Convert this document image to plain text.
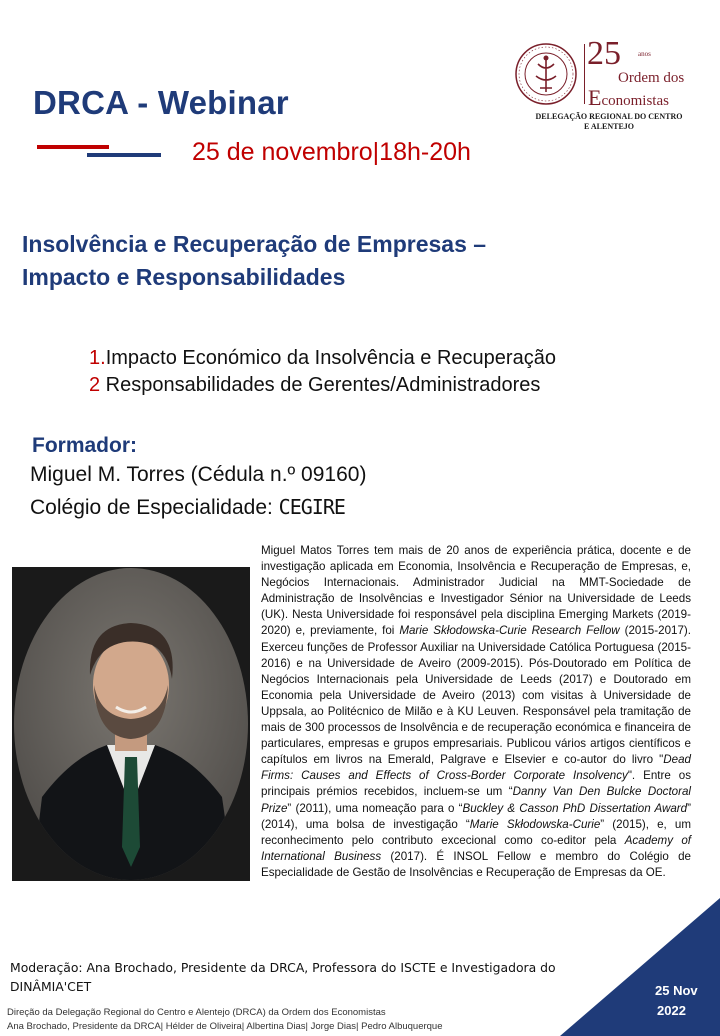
DRCA - Webinar
25 de novembro|18h-20h
25 anos
Ordem dos
Economistas
DELEGAÇÃO REGIONAL DO CENTRO
E ALENTEJO
Insolvência e Recuperação de Empresas –
Impacto e Responsabilidades
1.Impacto Económico da Insolvência e Recuperação
2 Responsabilidades de Gerentes/Administradores
Formador:
Miguel M. Torres (Cédula n.º 09160)
Colégio de Especialidade: CEGIRE
Miguel Matos Torres tem mais de 20 anos de experiência prática, docente e de investigação aplicada em Economia, Insolvência e Recuperação de Empresas, e, Negócios Internacionais. Administrador Judicial na MMT-Sociedade de Administração de Insolvências e Investigador Sénior na Universidade de Leeds (UK). Nesta Universidade foi responsável pela disciplina Emerging Markets (2019-2020) e, previamente, foi Marie Skłodowska-Curie Research Fellow (2015-2017). Exerceu funções de Professor Auxiliar na Universidade Católica Portuguesa (2015-2016) e na Universidade de Aveiro (2009-2015). Pós-Doutorado em Política de Negócios Internacionais pela Universidade de Leeds (2017) e Doutorado em Economia pela Universidade de Aveiro (2013) com visitas à Universidade de Uppsala, ao Politécnico de Milão e à KU Leuven. Responsável pela tramitação de mais de 300 processos de Insolvência e de recuperação económica e financeira de particulares, empresas e grupos empresariais. Publicou vários artigos científicos e capítulos em livros na Emerald, Palgrave e Elsevier e co-autor do livro "Dead Firms: Causes and Effects of Cross-Border Corporate Insolvency". Entre os principais prémios recebidos, incluem-se um “Danny Van Den Bulcke Doctoral Prize” (2011), uma nomeação para o “Buckley & Casson PhD Dissertation Award” (2014), uma bolsa de investigação “Marie Skłodowska-Curie” (2015), e, um reconhecimento pelo contributo excecional como co-editor pela Academy of International Business (2017). É INSOL Fellow e membro do Colégio de Especialidade de Gestão de Insolvências e Recuperação de Empresas da OE.
Moderação: Ana Brochado, Presidente da DRCA, Professora do ISCTE e Investigadora do DINÂMIA'CET
Direção da Delegação Regional do Centro e Alentejo (DRCA) da Ordem dos Economistas
Ana Brochado, Presidente da DRCA| Hélder de Oliveira| Albertina Dias| Jorge Dias| Pedro Albuquerque
25 Nov
2022
